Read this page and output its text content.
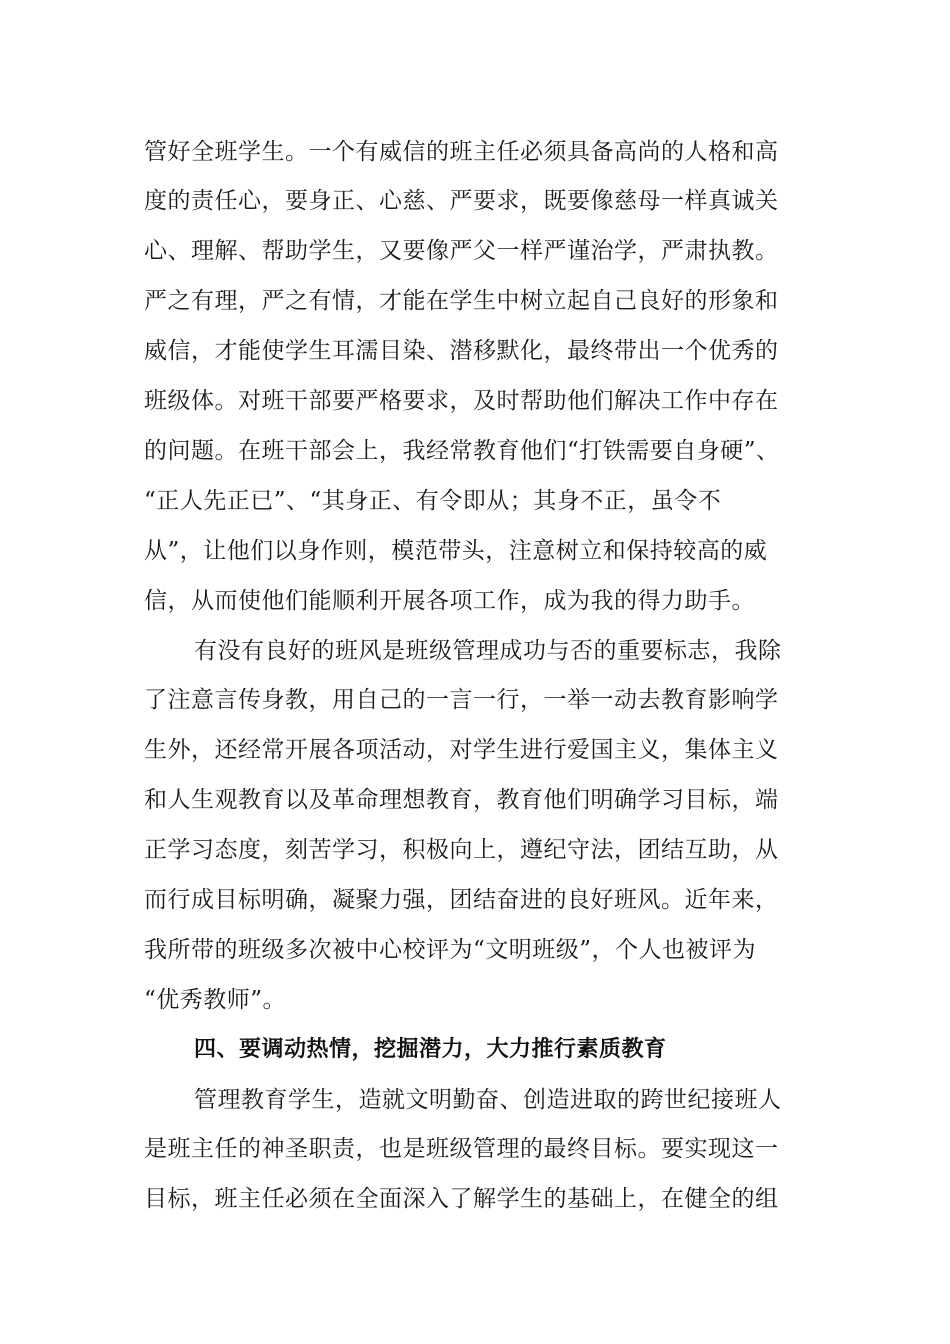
管好全班学生。一个有威信的班主任必须具备高尚的人格和高
度的责任心，要身正、心慈、严要求，既要像慈母一样真诚关
心、理解、帮助学生，又要像严父一样严谨治学，严肃执教。
严之有理，严之有情，才能在学生中树立起自己良好的形象和
威信，才能使学生耳濡目染、潜移默化，最终带出一个优秀的
班级体。对班干部要严格要求，及时帮助他们解决工作中存在
的问题。在班干部会上，我经常教育他们“打铁需要自身硬”、
“正人先正已”、“其身正、有令即从；其身不正，虽令不
从”，让他们以身作则，模范带头，注意树立和保持较高的威
信，从而使他们能顺利开展各项工作，成为我的得力助手。
有没有良好的班风是班级管理成功与否的重要标志，我除
了注意言传身教，用自己的一言一行，一举一动去教育影响学
生外，还经常开展各项活动，对学生进行爱国主义，集体主义
和人生观教育以及革命理想教育，教育他们明确学习目标，端
正学习态度，刻苦学习，积极向上，遵纪守法，团结互助，从
而行成目标明确，凝聚力强，团结奋进的良好班风。近年来，
我所带的班级多次被中心校评为“文明班级”，个人也被评为
“优秀教师”。
四、要调动热情，挖掘潜力，大力推行素质教育
管理教育学生，造就文明勤奋、创造进取的跨世纪接班人
是班主任的神圣职责，也是班级管理的最终目标。要实现这一
目标，班主任必须在全面深入了解学生的基础上，在健全的组
